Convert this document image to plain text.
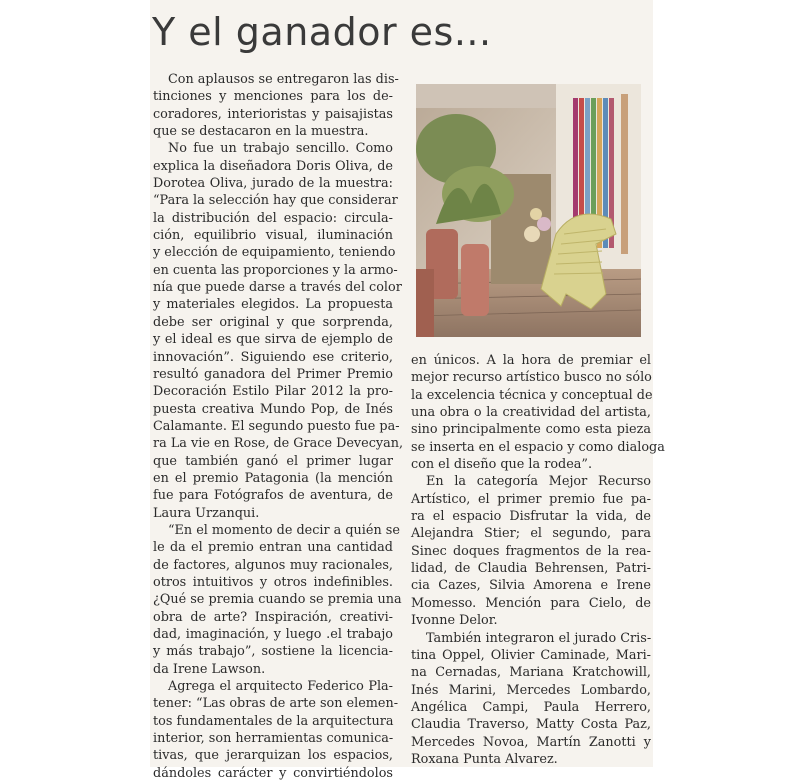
Y el ganador es...
Con aplausos se entregaron las dis-
tinciones y menciones para los de-
coradores, interioristas y paisajistas
que se destacaron en la muestra.
No fue un trabajo sencillo. Como
explica la diseñadora Doris Oliva, de
Dorotea Oliva, jurado de la muestra:
“Para la selección hay que considerar
la distribución del espacio: circula-
ción, equilibrio visual, iluminación
y elección de equipamiento, teniendo
en cuenta las proporciones y la armo-
nía que puede darse a través del color
y materiales elegidos. La propuesta
debe ser original y que sorprenda,
y el ideal es que sirva de ejemplo de
innovación”. Siguiendo ese criterio,
resultó ganadora del Primer Premio
Decoración Estilo Pilar 2012 la pro-
puesta creativa Mundo Pop, de Inés
Calamante. El segundo puesto fue pa-
ra La vie en Rose, de Grace Devecyan,
que también ganó el primer lugar
en el premio Patagonia (la mención
fue para Fotógrafos de aventura, de
Laura Urzanqui.
“En el momento de decir a quién se
le da el premio entran una cantidad
de factores, algunos muy racionales,
otros intuitivos y otros indefinibles.
¿Qué se premia cuando se premia una
obra de arte? Inspiración, creativi-
dad, imaginación, y luego .el trabajo
y más trabajo”, sostiene la licencia-
da Irene Lawson.
Agrega el arquitecto Federico Pla-
tener: “Las obras de arte son elemen-
tos fundamentales de la arquitectura
interior, son herramientas comunica-
tivas, que jerarquizan los espacios,
dándoles carácter y convirtiéndolos
en únicos. A la hora de premiar el
mejor recurso artístico busco no sólo
la excelencia técnica y conceptual de
una obra o la creatividad del artista,
sino principalmente como esta pieza
se inserta en el espacio y como dialoga
con el diseño que la rodea”.
En la categoría Mejor Recurso
Artístico, el primer premio fue pa-
ra el espacio Disfrutar la vida, de
Alejandra Stier; el segundo, para
Sinec doques fragmentos de la rea-
lidad, de Claudia Behrensen, Patri-
cia Cazes, Silvia Amorena e Irene
Momesso. Mención para Cielo, de
Ivonne Delor.
También integraron el jurado Cris-
tina Oppel, Olivier Caminade, Mari-
na Cernadas, Mariana Kratchowill,
Inés Marini, Mercedes Lombardo,
Angélica Campi, Paula Herrero,
Claudia Traverso, Matty Costa Paz,
Mercedes Novoa, Martín Zanotti y
Roxana Punta Alvarez.
